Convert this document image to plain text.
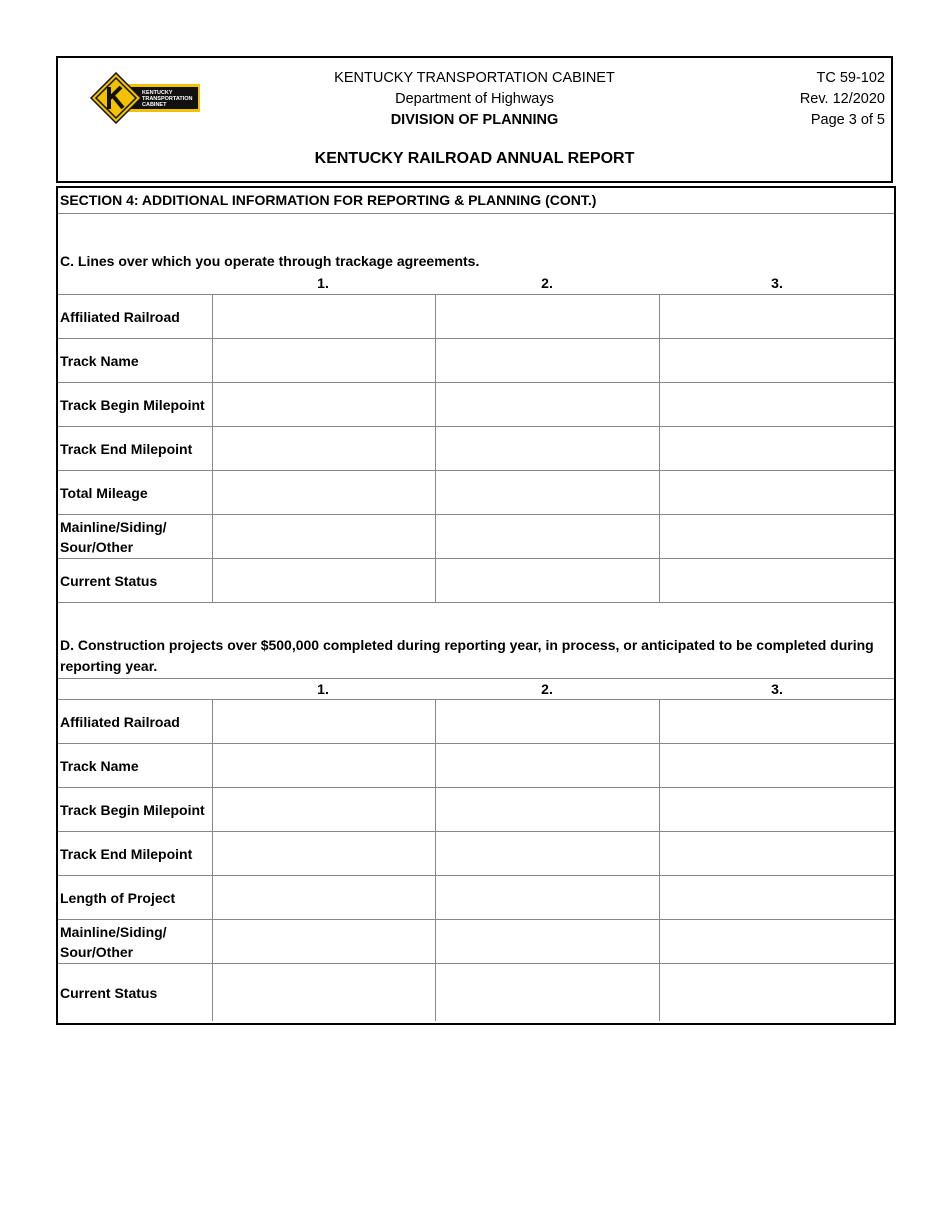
KENTUCKY
TRANSPORTATION
CABINET
KENTUCKY TRANSPORTATION CABINET
Department of Highways
DIVISION OF PLANNING
TC 59-102
Rev. 12/2020
Page 3 of 5
KENTUCKY RAILROAD ANNUAL REPORT
SECTION 4: ADDITIONAL INFORMATION FOR REPORTING & PLANNING (CONT.)
C. Lines over which you operate through trackage agreements.
1.	2.	3.
Affiliated Railroad
Track Name
Track Begin Milepoint
Track End Milepoint
Total Mileage
Mainline/Siding/ Sour/Other
Current Status
D. Construction projects over $500,000 completed during reporting year, in process, or anticipated to be completed during reporting year.
1.	2.	3.
Affiliated Railroad
Track Name
Track Begin Milepoint
Track End Milepoint
Length of Project
Mainline/Siding/ Sour/Other
Current Status
